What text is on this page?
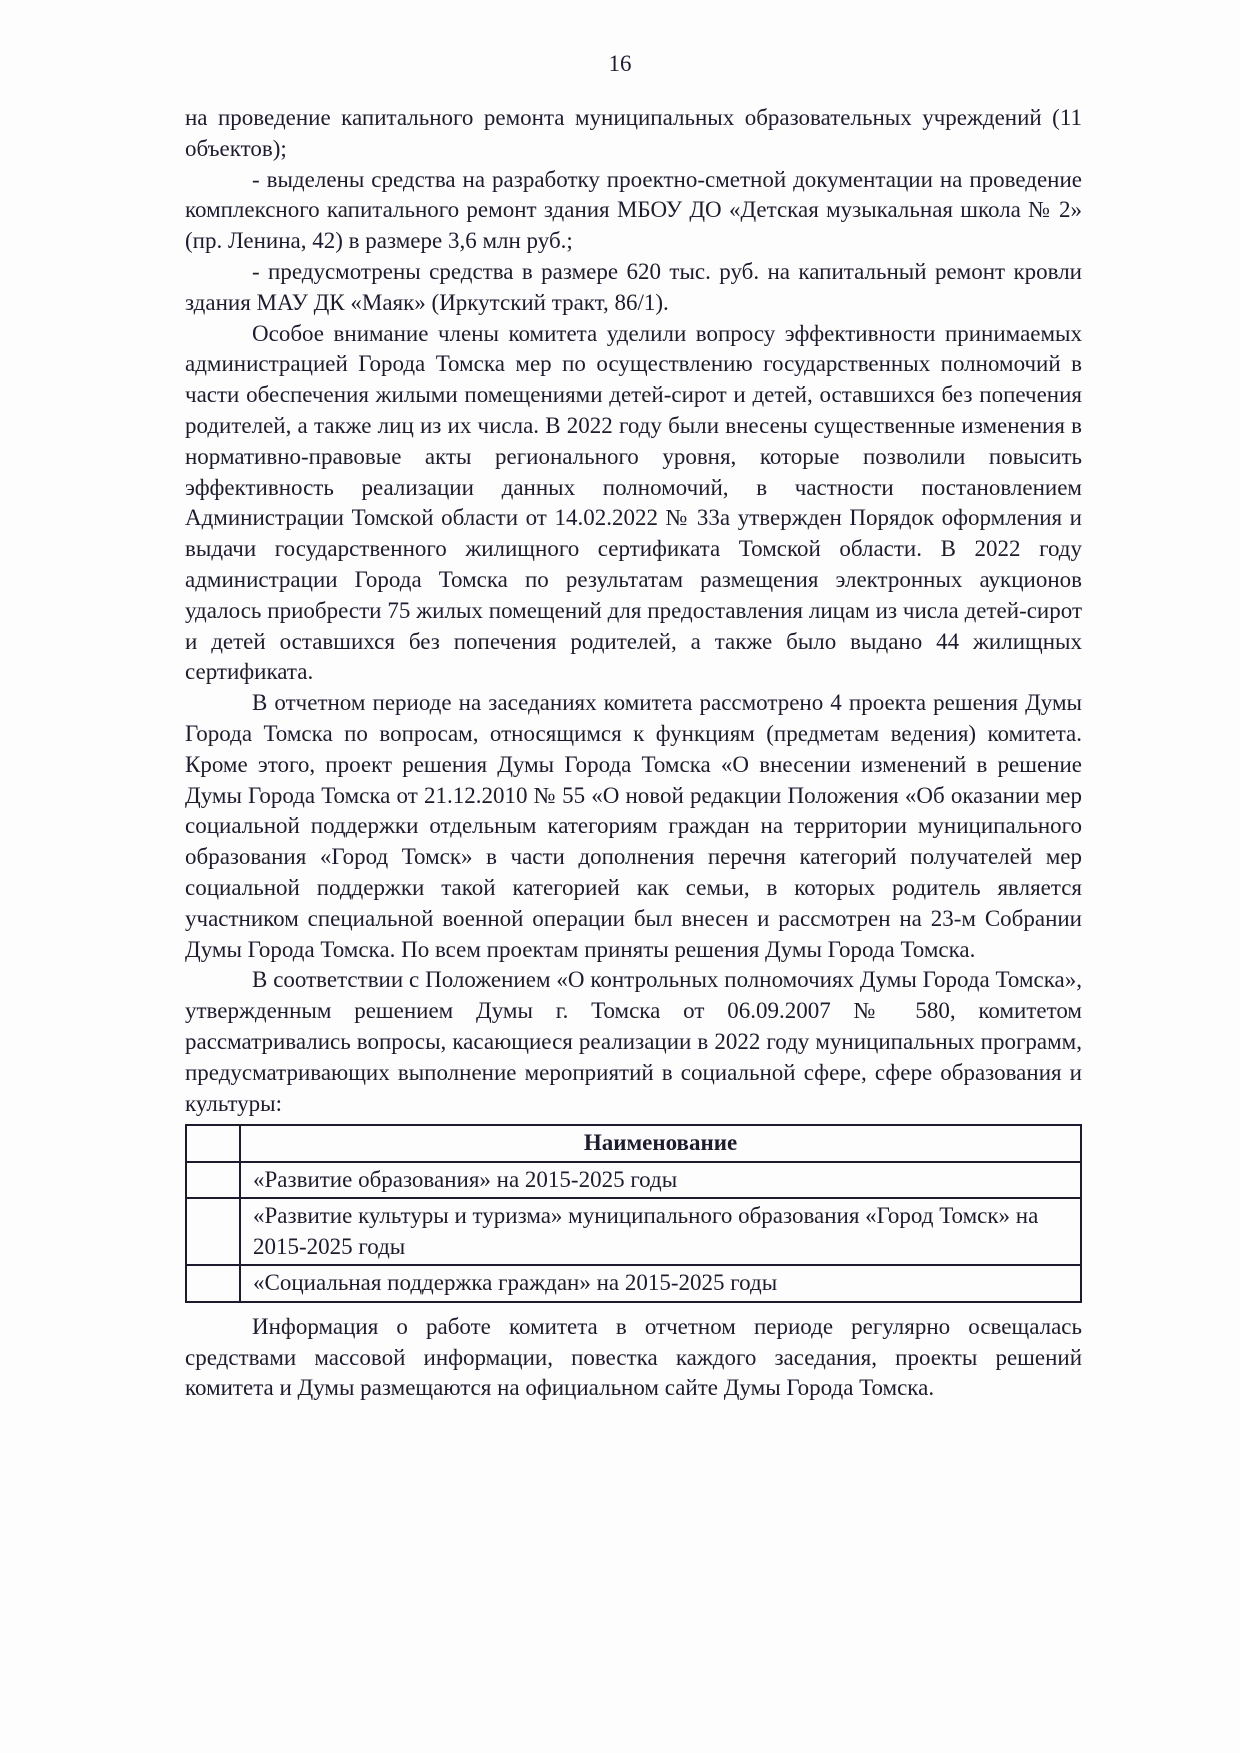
16

на проведение капитального ремонта муниципальных образовательных учреждений (11 объектов);

- выделены средства на разработку проектно-сметной документации на проведение комплексного капитального ремонт здания МБОУ ДО «Детская музыкальная школа № 2» (пр. Ленина, 42) в размере 3,6 млн руб.;

- предусмотрены средства в размере 620 тыс. руб. на капитальный ремонт кровли здания МАУ ДК «Маяк» (Иркутский тракт, 86/1).

Особое внимание члены комитета уделили вопросу эффективности принимаемых администрацией Города Томска мер по осуществлению государственных полномочий в части обеспечения жилыми помещениями детей-сирот и детей, оставшихся без попечения родителей, а также лиц из их числа. В 2022 году были внесены существенные изменения в нормативно-правовые акты регионального уровня, которые позволили повысить эффективность реализации данных полномочий, в частности постановлением Администрации Томской области от 14.02.2022 № 33а утвержден Порядок оформления и выдачи государственного жилищного сертификата Томской области. В 2022 году администрации Города Томска по результатам размещения электронных аукционов удалось приобрести 75 жилых помещений для предоставления лицам из числа детей-сирот и детей оставшихся без попечения родителей, а также было выдано 44 жилищных сертификата.

В отчетном периоде на заседаниях комитета рассмотрено 4 проекта решения Думы Города Томска по вопросам, относящимся к функциям (предметам ведения) комитета. Кроме этого, проект решения Думы Города Томска «О внесении изменений в решение Думы Города Томска от 21.12.2010 № 55 «О новой редакции Положения «Об оказании мер социальной поддержки отдельным категориям граждан на территории муниципального образования «Город Томск» в части дополнения перечня категорий получателей мер социальной поддержки такой категорией как семьи, в которых родитель является участником специальной военной операции был внесен и рассмотрен на 23-м Собрании Думы Города Томска. По всем проектам приняты решения Думы Города Томска.

В соответствии с Положением «О контрольных полномочиях Думы Города Томска», утвержденным решением Думы г. Томска от 06.09.2007 № 580, комитетом рассматривались вопросы, касающиеся реализации в 2022 году муниципальных программ, предусматривающих выполнение мероприятий в социальной сфере, сфере образования и культуры:

	Наименование
	«Развитие образования» на 2015-2025 годы
	«Развитие культуры и туризма» муниципального образования «Город Томск» на 2015-2025 годы
	«Социальная поддержка граждан» на 2015-2025 годы

Информация о работе комитета в отчетном периоде регулярно освещалась средствами массовой информации, повестка каждого заседания, проекты решений комитета и Думы размещаются на официальном сайте Думы Города Томска.
